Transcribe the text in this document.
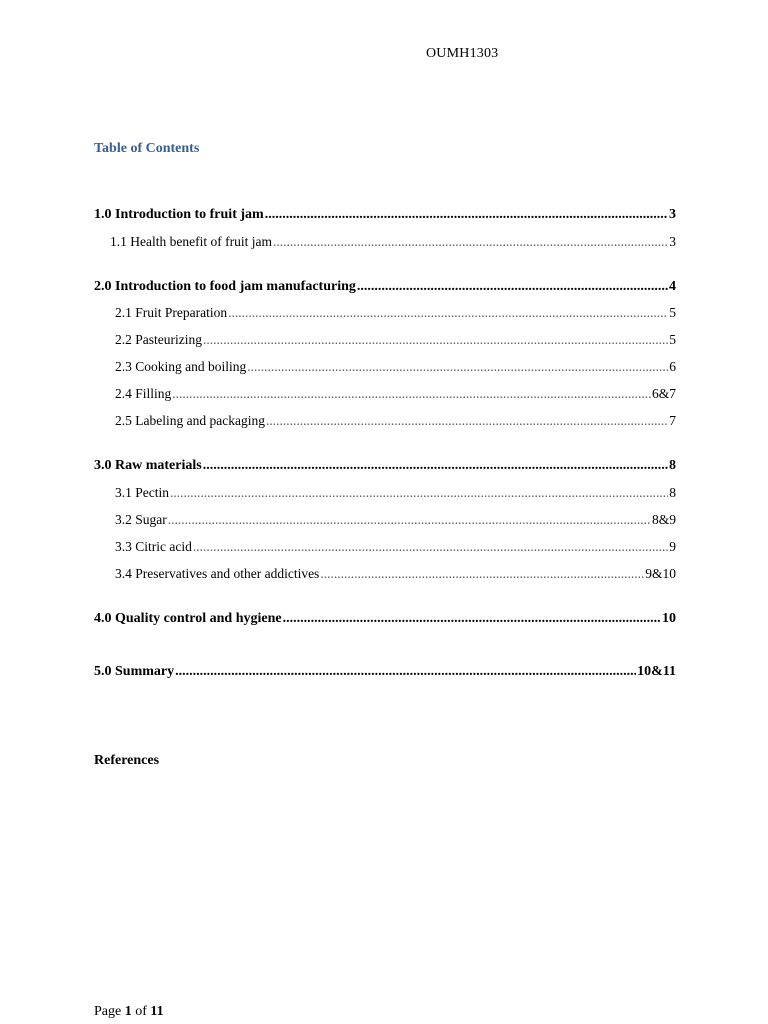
OUMH1303
Table of Contents
1.0 Introduction to fruit jam .....	3
1.1 Health benefit of fruit jam .....	3
2.0 Introduction to food jam manufacturing .....	4
2.1 Fruit Preparation .....	5
2.2 Pasteurizing .....	5
2.3 Cooking and boiling .....	6
2.4 Filling .....	6&7
2.5 Labeling and packaging .....	7
3.0 Raw materials .....	8
3.1 Pectin .....	8
3.2 Sugar .....	8&9
3.3 Citric acid .....	9
3.4 Preservatives and other addictives .....	9&10
4.0 Quality control and hygiene .....	10
5.0 Summary .....	10&11
References
Page 1 of 11
